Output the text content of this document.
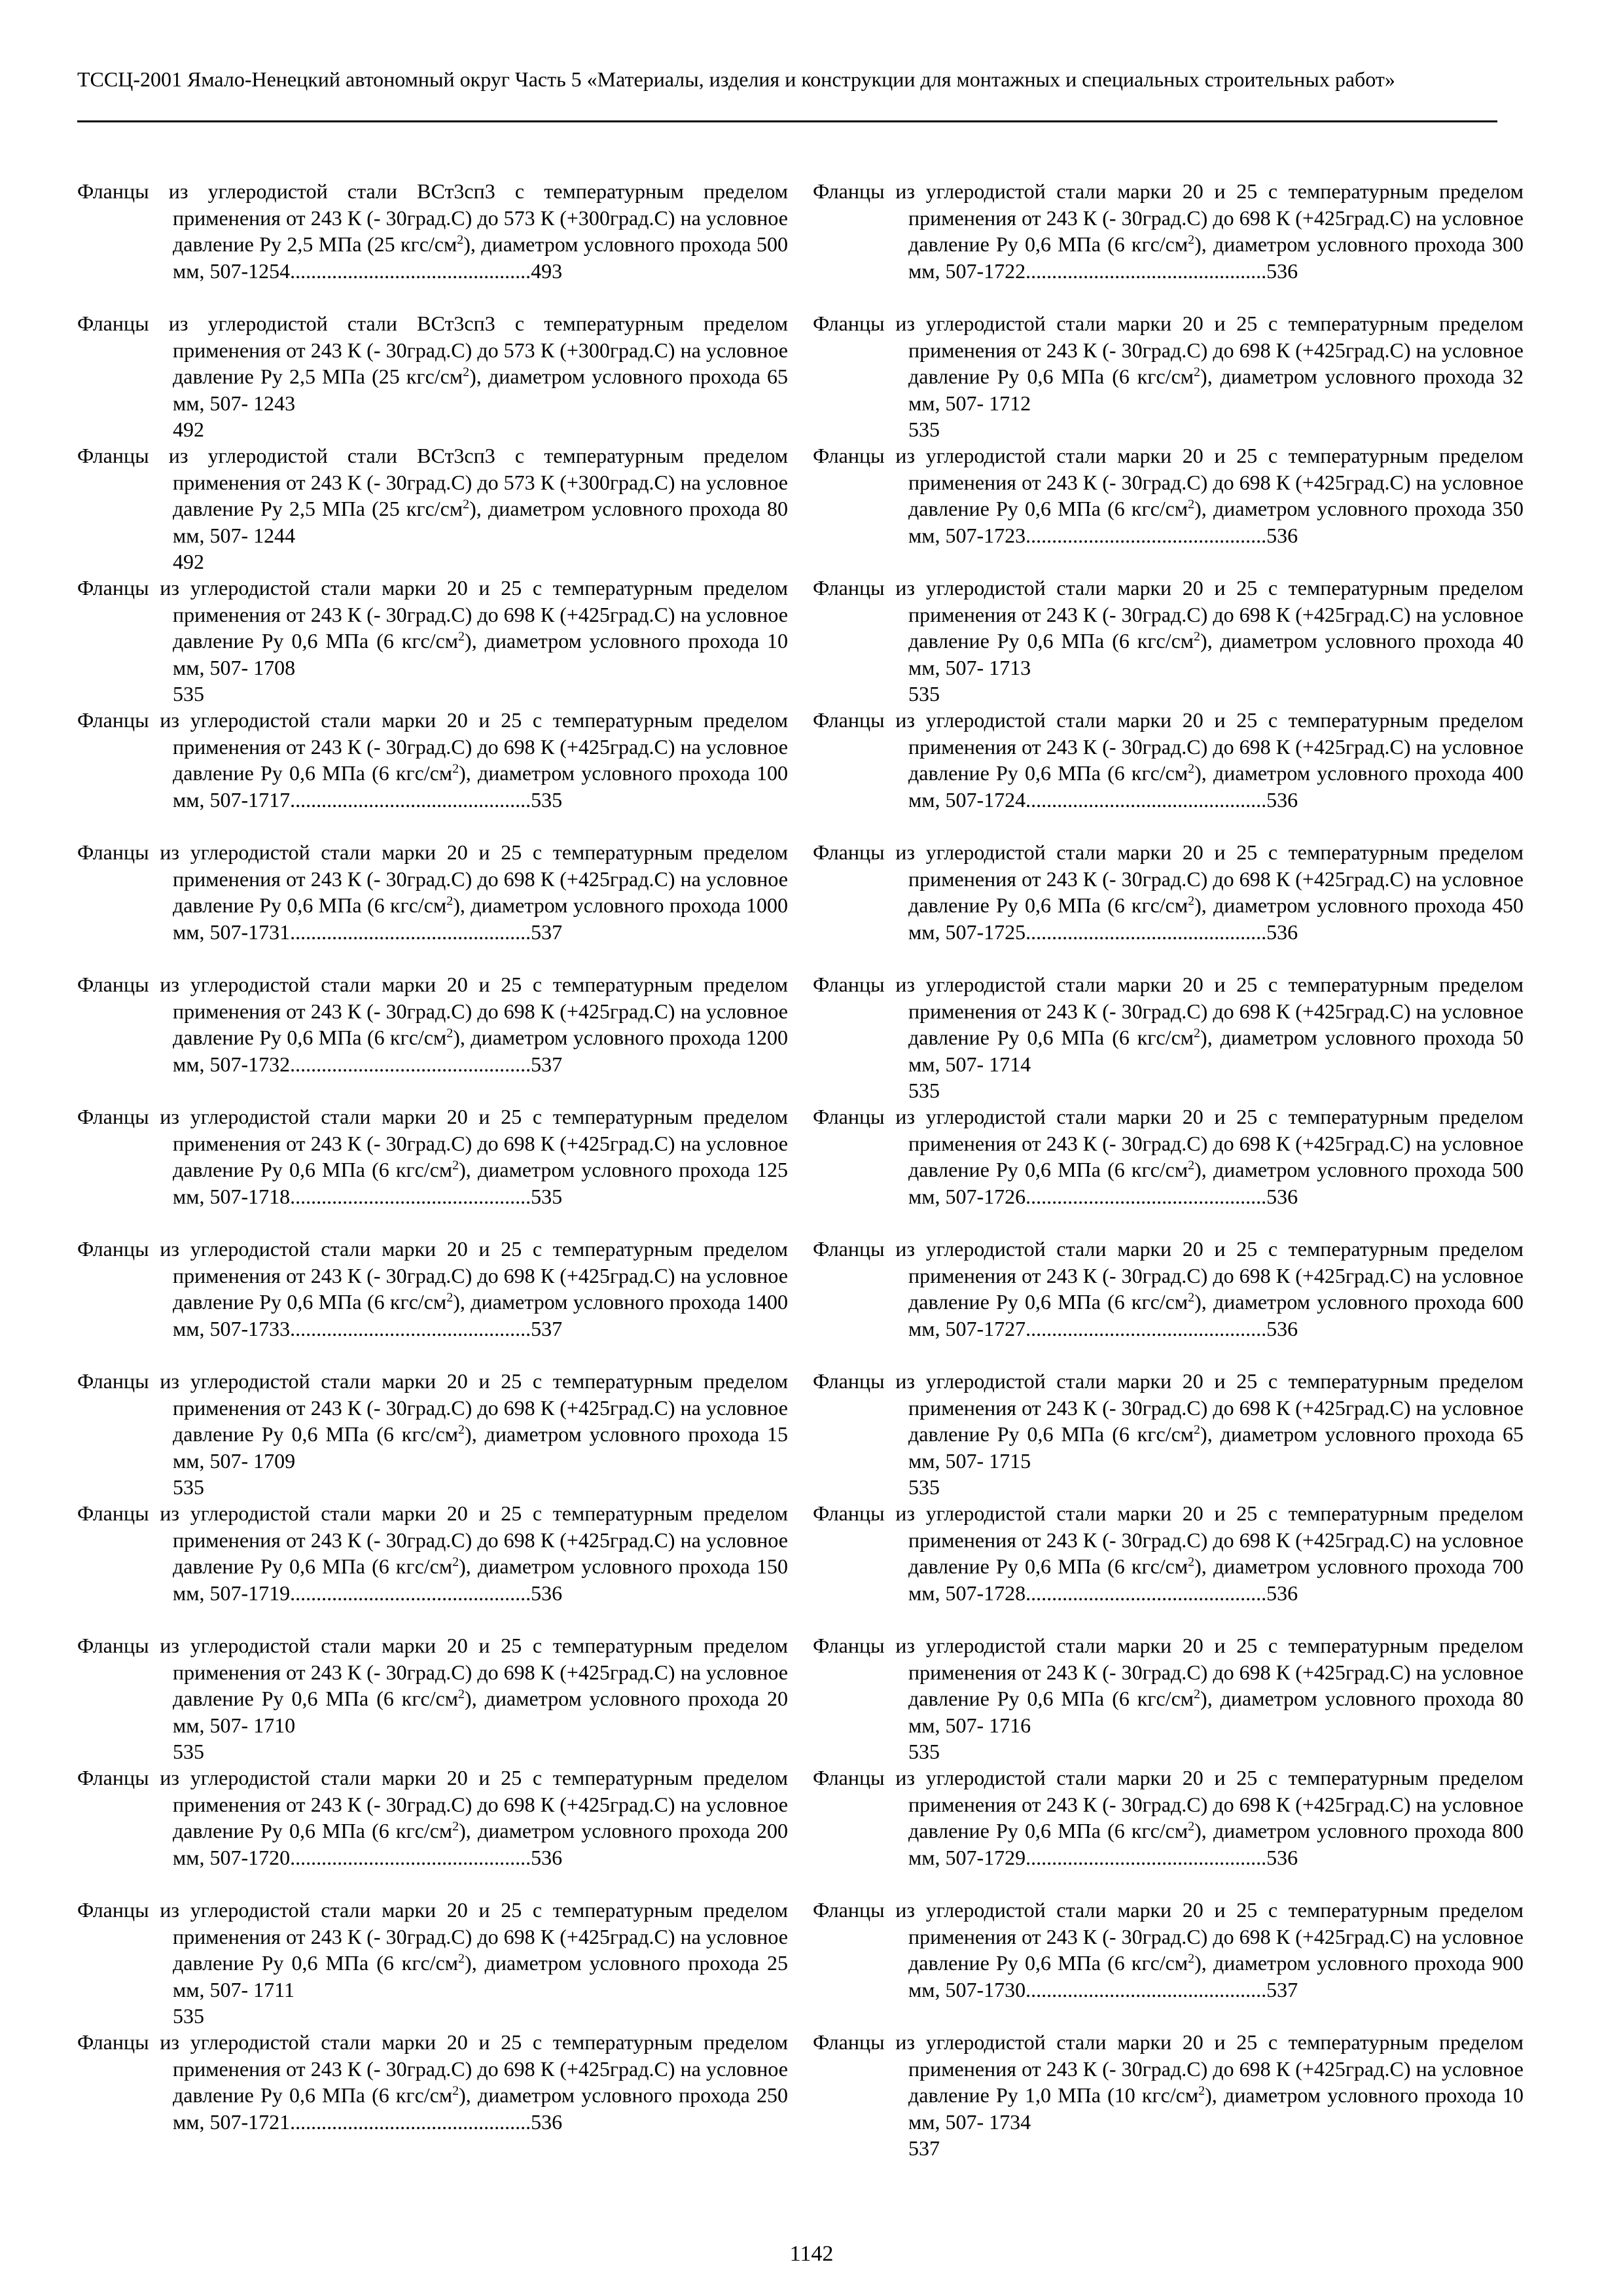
ТССЦ-2001 Ямало-Ненецкий автономный округ Часть 5 «Материалы, изделия и конструкции для монтажных и специальных строительных работ»
Фланцы из углеродистой стали ВСт3сп3 с температурным пределом применения от 243 К (- 30град.С) до 573 К (+300град.С) на условное давление Ру 2,5 МПа (25 кгс/$см^2$), диаметром условного прохода 500 мм, 507-1254..............................................493
Фланцы из углеродистой стали ВСт3сп3 с температурным пределом применения от 243 К (- 30град.С) до 573 К (+300град.С) на условное давление Ру 2,5 МПа (25 кгс/$см^2$), диаметром условного прохода 65 мм, 507- 1243
492
Фланцы из углеродистой стали ВСт3сп3 с температурным пределом применения от 243 К (- 30град.С) до 573 К (+300град.С) на условное давление Ру 2,5 МПа (25 кгс/$см^2$), диаметром условного прохода 80 мм, 507- 1244
492
Фланцы из углеродистой стали марки 20 и 25 с температурным пределом применения от 243 К (- 30град.С) до 698 К (+425град.С) на условное давление Ру 0,6 МПа (6 кгс/$см^2$), диаметром условного прохода 10 мм, 507- 1708
535
Фланцы из углеродистой стали марки 20 и 25 с температурным пределом применения от 243 К (- 30град.С) до 698 К (+425град.С) на условное давление Ру 0,6 МПа (6 кгс/$см^2$), диаметром условного прохода 100 мм, 507-1717..............................................535
Фланцы из углеродистой стали марки 20 и 25 с температурным пределом применения от 243 К (- 30град.С) до 698 К (+425град.С) на условное давление Ру 0,6 МПа (6 кгс/$см^2$), диаметром условного прохода 1000 мм, 507-1731..............................................537
Фланцы из углеродистой стали марки 20 и 25 с температурным пределом применения от 243 К (- 30град.С) до 698 К (+425град.С) на условное давление Ру 0,6 МПа (6 кгс/$см^2$), диаметром условного прохода 1200 мм, 507-1732..............................................537
Фланцы из углеродистой стали марки 20 и 25 с температурным пределом применения от 243 К (- 30град.С) до 698 К (+425град.С) на условное давление Ру 0,6 МПа (6 кгс/$см^2$), диаметром условного прохода 125 мм, 507-1718..............................................535
Фланцы из углеродистой стали марки 20 и 25 с температурным пределом применения от 243 К (- 30град.С) до 698 К (+425град.С) на условное давление Ру 0,6 МПа (6 кгс/$см^2$), диаметром условного прохода 1400 мм, 507-1733..............................................537
Фланцы из углеродистой стали марки 20 и 25 с температурным пределом применения от 243 К (- 30град.С) до 698 К (+425град.С) на условное давление Ру 0,6 МПа (6 кгс/$см^2$), диаметром условного прохода 15 мм, 507- 1709
535
Фланцы из углеродистой стали марки 20 и 25 с температурным пределом применения от 243 К (- 30град.С) до 698 К (+425град.С) на условное давление Ру 0,6 МПа (6 кгс/$см^2$), диаметром условного прохода 150 мм, 507-1719..............................................536
Фланцы из углеродистой стали марки 20 и 25 с температурным пределом применения от 243 К (- 30град.С) до 698 К (+425град.С) на условное давление Ру 0,6 МПа (6 кгс/$см^2$), диаметром условного прохода 20 мм, 507- 1710
535
Фланцы из углеродистой стали марки 20 и 25 с температурным пределом применения от 243 К (- 30град.С) до 698 К (+425град.С) на условное давление Ру 0,6 МПа (6 кгс/$см^2$), диаметром условного прохода 200 мм, 507-1720..............................................536
Фланцы из углеродистой стали марки 20 и 25 с температурным пределом применения от 243 К (- 30град.С) до 698 К (+425град.С) на условное давление Ру 0,6 МПа (6 кгс/$см^2$), диаметром условного прохода 25 мм, 507- 1711
535
Фланцы из углеродистой стали марки 20 и 25 с температурным пределом применения от 243 К (- 30град.С) до 698 К (+425град.С) на условное давление Ру 0,6 МПа (6 кгс/$см^2$), диаметром условного прохода 250 мм, 507-1721..............................................536
Фланцы из углеродистой стали марки 20 и 25 с температурным пределом применения от 243 К (- 30град.С) до 698 К (+425град.С) на условное давление Ру 0,6 МПа (6 кгс/$см^2$), диаметром условного прохода 300 мм, 507-1722..............................................536
Фланцы из углеродистой стали марки 20 и 25 с температурным пределом применения от 243 К (- 30град.С) до 698 К (+425град.С) на условное давление Ру 0,6 МПа (6 кгс/$см^2$), диаметром условного прохода 32 мм, 507- 1712
535
Фланцы из углеродистой стали марки 20 и 25 с температурным пределом применения от 243 К (- 30град.С) до 698 К (+425град.С) на условное давление Ру 0,6 МПа (6 кгс/$см^2$), диаметром условного прохода 350 мм, 507-1723..............................................536
Фланцы из углеродистой стали марки 20 и 25 с температурным пределом применения от 243 К (- 30град.С) до 698 К (+425град.С) на условное давление Ру 0,6 МПа (6 кгс/$см^2$), диаметром условного прохода 40 мм, 507- 1713
535
Фланцы из углеродистой стали марки 20 и 25 с температурным пределом применения от 243 К (- 30град.С) до 698 К (+425град.С) на условное давление Ру 0,6 МПа (6 кгс/$см^2$), диаметром условного прохода 400 мм, 507-1724..............................................536
Фланцы из углеродистой стали марки 20 и 25 с температурным пределом применения от 243 К (- 30град.С) до 698 К (+425град.С) на условное давление Ру 0,6 МПа (6 кгс/$см^2$), диаметром условного прохода 450 мм, 507-1725..............................................536
Фланцы из углеродистой стали марки 20 и 25 с температурным пределом применения от 243 К (- 30град.С) до 698 К (+425град.С) на условное давление Ру 0,6 МПа (6 кгс/$см^2$), диаметром условного прохода 50 мм, 507- 1714
535
Фланцы из углеродистой стали марки 20 и 25 с температурным пределом применения от 243 К (- 30град.С) до 698 К (+425град.С) на условное давление Ру 0,6 МПа (6 кгс/$см^2$), диаметром условного прохода 500 мм, 507-1726..............................................536
Фланцы из углеродистой стали марки 20 и 25 с температурным пределом применения от 243 К (- 30град.С) до 698 К (+425град.С) на условное давление Ру 0,6 МПа (6 кгс/$см^2$), диаметром условного прохода 600 мм, 507-1727..............................................536
Фланцы из углеродистой стали марки 20 и 25 с температурным пределом применения от 243 К (- 30град.С) до 698 К (+425град.С) на условное давление Ру 0,6 МПа (6 кгс/$см^2$), диаметром условного прохода 65 мм, 507- 1715
535
Фланцы из углеродистой стали марки 20 и 25 с температурным пределом применения от 243 К (- 30град.С) до 698 К (+425град.С) на условное давление Ру 0,6 МПа (6 кгс/$см^2$), диаметром условного прохода 700 мм, 507-1728..............................................536
Фланцы из углеродистой стали марки 20 и 25 с температурным пределом применения от 243 К (- 30град.С) до 698 К (+425град.С) на условное давление Ру 0,6 МПа (6 кгс/$см^2$), диаметром условного прохода 80 мм, 507- 1716
535
Фланцы из углеродистой стали марки 20 и 25 с температурным пределом применения от 243 К (- 30град.С) до 698 К (+425град.С) на условное давление Ру 0,6 МПа (6 кгс/$см^2$), диаметром условного прохода 800 мм, 507-1729..............................................536
Фланцы из углеродистой стали марки 20 и 25 с температурным пределом применения от 243 К (- 30град.С) до 698 К (+425град.С) на условное давление Ру 0,6 МПа (6 кгс/$см^2$), диаметром условного прохода 900 мм, 507-1730..............................................537
Фланцы из углеродистой стали марки 20 и 25 с температурным пределом применения от 243 К (- 30град.С) до 698 К (+425град.С) на условное давление Ру 1,0 МПа (10 кгс/$см^2$), диаметром условного прохода 10 мм, 507- 1734
537
1142
